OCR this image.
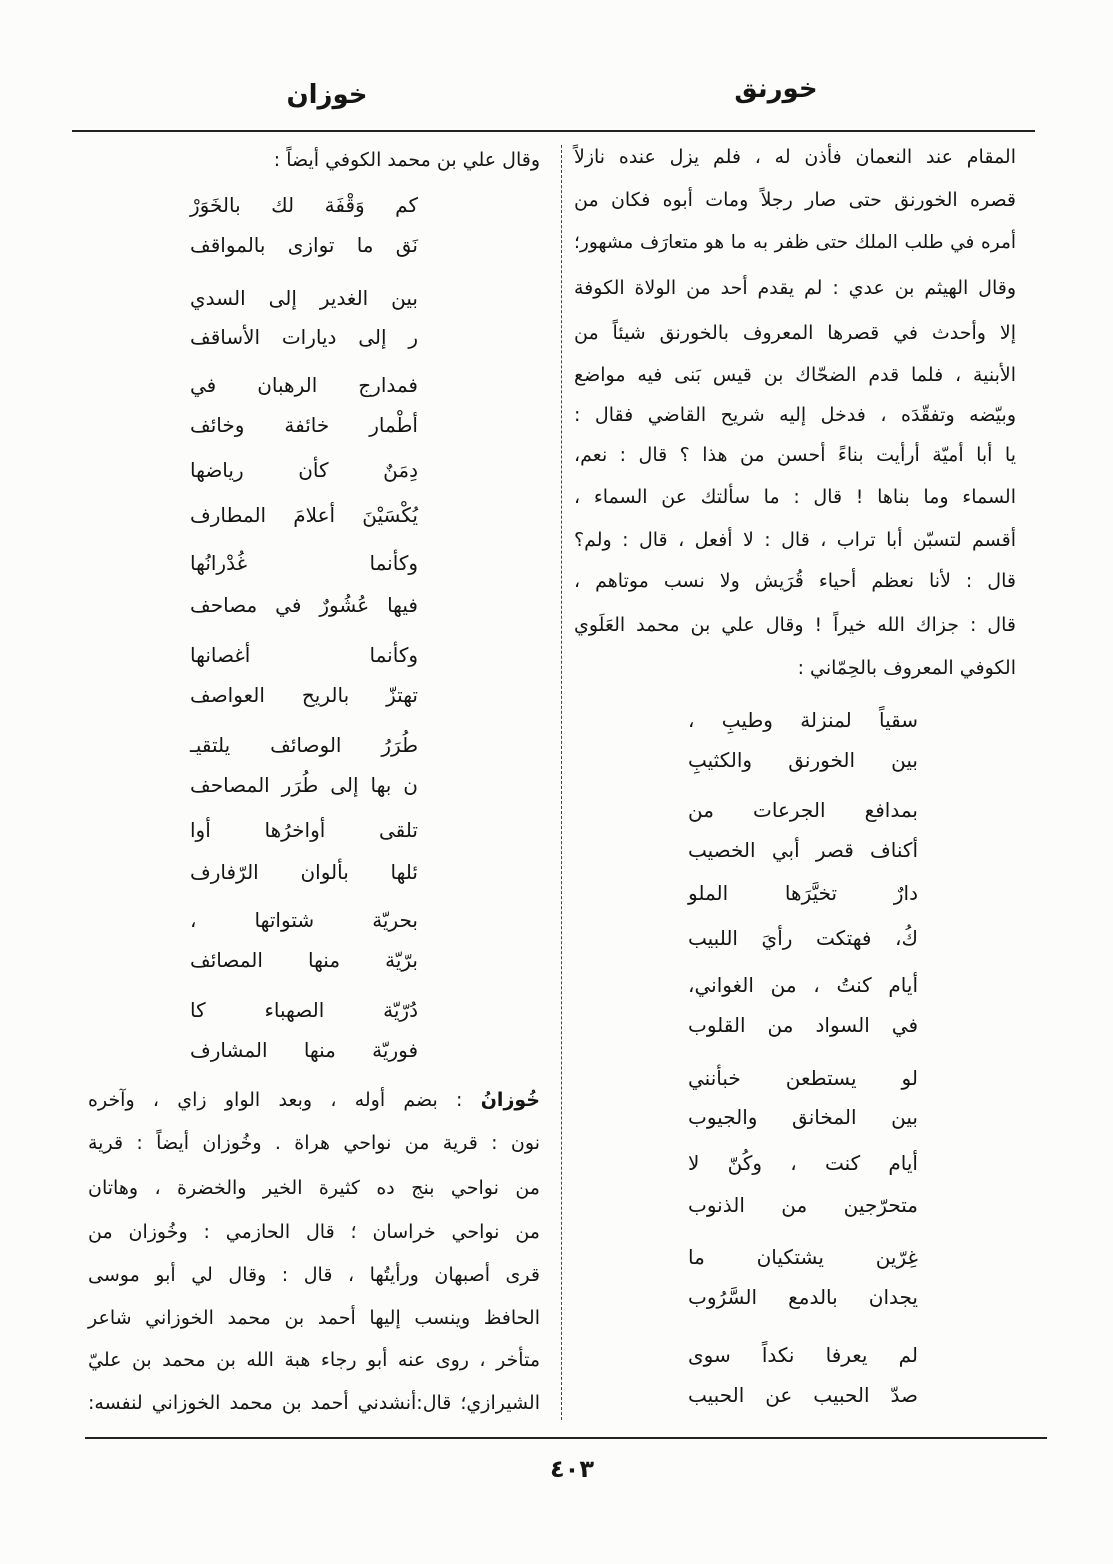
خورنق
خوزان
المقام عند النعمان فأذن له ، فلم يزل عنده نازلاً
قصره الخورنق حتى صار رجلاً ومات أبوه فكان من
أمره في طلب الملك حتى ظفر به ما هو متعارَف مشهور؛
وقال الهيثم بن عدي : لم يقدم أحد من الولاة الكوفة
إلا وأحدث في قصرها المعروف بالخورنق شيئاً من
الأبنية ، فلما قدم الضحّاك بن قيس بَنى فيه مواضع
وبيّضه وتفقّدَه ، فدخل إليه شريح القاضي فقال :
يا أبا أميّة أرأيت بناءً أحسن من هذا ؟ قال : نعم،
السماء وما بناها ! قال : ما سألتك عن السماء ،
أقسم لتسبّن أبا تراب ، قال : لا أفعل ، قال : ولم؟
قال : لأنا نعظم أحياء قُرَيش ولا نسب موتاهم ،
قال : جزاك الله خيراً ! وقال علي بن محمد العَلَوي
الكوفي المعروف بالحِمّاني :
سقياً لمنزلة وطيبِ ،
بين الخورنق والكثيبِ
بمدافع الجرعات من
أكناف قصر أبي الخصيب
دارٌ تخيَّرَها الملو
كُ، فهتكت رأيَ اللبيب
أيام كنتُ ، من الغواني،
في السواد من القلوب
لو يستطعن خبأنني
بين المخانق والجيوب
أيام كنت ، وكُنّ لا
متحرّجين من الذنوب
غِرّين يشتكيان ما
يجدان بالدمع السَّرُوب
لم يعرفا نكداً سوى
صدّ الحبيب عن الحبيب
وقال علي بن محمد الكوفي أيضاً :
كم وَقْفَة لك بالخَوَرْ
نَق ما توازى بالمواقف
بين الغدير إلى السدي
ر إلى ديارات الأساقف
فمدارج الرهبان في
أطْمار خائفة وخائف
دِمَنٌ كأن رياضها
يُكْسَيْنَ أعلامَ المطارف
وكأنما غُدْرانُها
فيها عُشُورٌ في مصاحف
وكأنما أغصانها
تهتزّ بالريح العواصف
طُرَرُ الوصائف يلتقيـ
ن بها إلى طُرَر المصاحف
تلقى أواخرُها أوا
ئلها بألوان الرّفارف
بحريّة شتواتها ،
برّيّة منها المصائف
دُرّيّة الصهباء كا
فوريّة منها المشارف
خُوزانُ : بضم أوله ، وبعد الواو زاي ، وآخره
نون : قرية من نواحي هراة . وخُوزان أيضاً : قرية
من نواحي بنج ده كثيرة الخير والخضرة ، وهاتان
من نواحي خراسان ؛ قال الحازمي : وخُوزان من
قرى أصبهان ورأيتُها ، قال : وقال لي أبو موسى
الحافظ وينسب إليها أحمد بن محمد الخوزاني شاعر
متأخر ، روى عنه أبو رجاء هبة الله بن محمد بن عليّ
الشيرازي؛ قال:أنشدني أحمد بن محمد الخوزاني لنفسه:
٤٠٣
